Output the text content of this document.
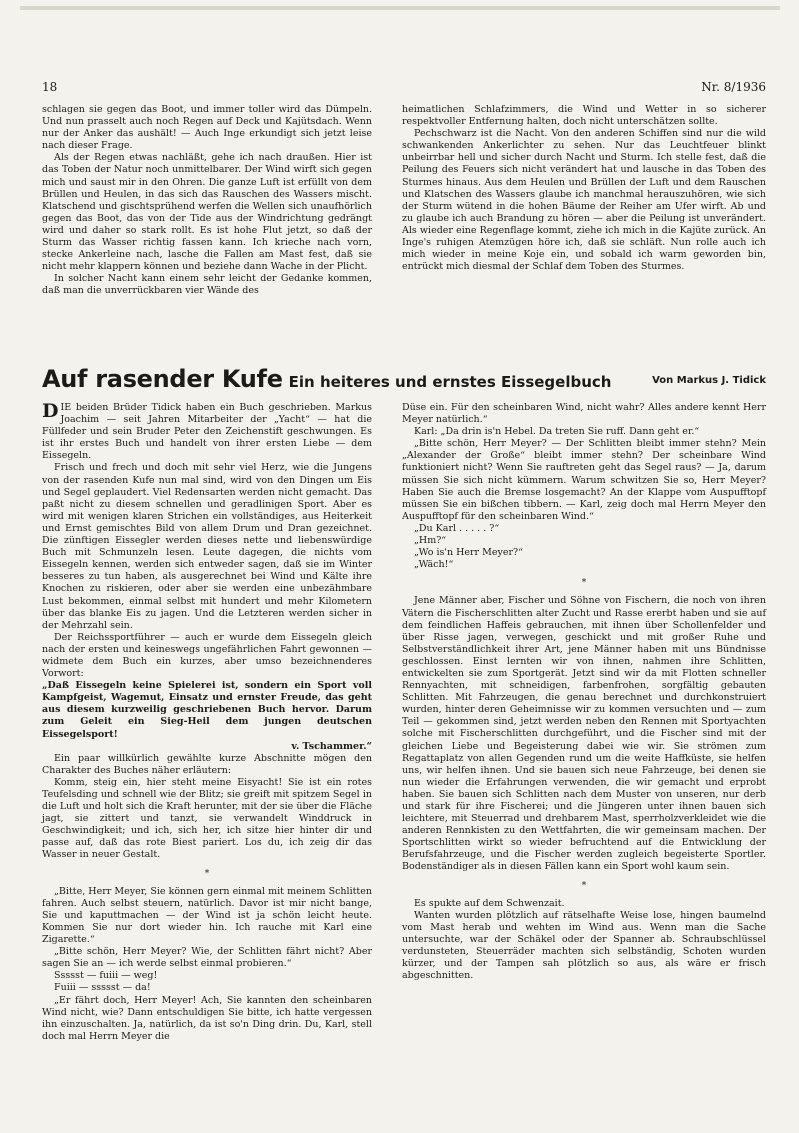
18	Nr. 8/1936

schlagen sie gegen das Boot, und immer toller wird das Dümpeln. Und nun prasselt auch noch Regen auf Deck und Kajütsdach. Wenn nur der Anker das aushält! — Auch Inge erkundigt sich jetzt leise nach dieser Frage.

Als der Regen etwas nachläßt, gehe ich nach draußen. Hier ist das Toben der Natur noch unmittelbarer. Der Wind wirft sich gegen mich und saust mir in den Ohren. Die ganze Luft ist erfüllt von dem Brüllen und Heulen, in das sich das Rauschen des Wassers mischt. Klatschend und gischtsprühend werfen die Wellen sich unaufhörlich gegen das Boot, das von der Tide aus der Windrichtung gedrängt wird und daher so stark rollt. Es ist hohe Flut jetzt, so daß der Sturm das Wasser richtig fassen kann. Ich krieche nach vorn, stecke Ankerleine nach, lasche die Fallen am Mast fest, daß sie nicht mehr klappern können und beziehe dann Wache in der Plicht.

In solcher Nacht kann einem sehr leicht der Gedanke kommen, daß man die unverrückbaren vier Wände des

heimatlichen Schlafzimmers, die Wind und Wetter in so sicherer respektvoller Entfernung halten, doch nicht unterschätzen sollte.

Pechschwarz ist die Nacht. Von den anderen Schiffen sind nur die wild schwankenden Ankerlichter zu sehen. Nur das Leuchtfeuer blinkt unbeirrbar hell und sicher durch Nacht und Sturm. Ich stelle fest, daß die Peilung des Feuers sich nicht verändert hat und lausche in das Toben des Sturmes hinaus. Aus dem Heulen und Brüllen der Luft und dem Rauschen und Klatschen des Wassers glaube ich manchmal herauszuhören, wie sich der Sturm wütend in die hohen Bäume der Reiher am Ufer wirft. Ab und zu glaube ich auch Brandung zu hören — aber die Peilung ist unverändert. Als wieder eine Regenflage kommt, ziehe ich mich in die Kajüte zurück. An Inge's ruhigen Atemzügen höre ich, daß sie schläft. Nun rolle auch ich mich wieder in meine Koje ein, und sobald ich warm geworden bin, entrückt mich diesmal der Schlaf dem Toben des Sturmes.

Auf rasender Kufe Ein heiteres und ernstes Eissegelbuch	Von Markus J. Tidick

DIE beiden Brüder Tidick haben ein Buch geschrieben. Markus Joachim — seit Jahren Mitarbeiter der „Yacht“ — hat die Füllfeder und sein Bruder Peter den Zeichenstift geschwungen. Es ist ihr erstes Buch und handelt von ihrer ersten Liebe — dem Eissegeln.

Frisch und frech und doch mit sehr viel Herz, wie die Jungens von der rasenden Kufe nun mal sind, wird von den Dingen um Eis und Segel geplaudert. Viel Redensarten werden nicht gemacht. Das paßt nicht zu diesem schnellen und geradlinigen Sport. Aber es wird mit wenigen klaren Strichen ein vollständiges, aus Heiterkeit und Ernst gemischtes Bild von allem Drum und Dran gezeichnet. Die zünftigen Eissegler werden dieses nette und liebenswürdige Buch mit Schmunzeln lesen. Leute dagegen, die nichts vom Eissegeln kennen, werden sich entweder sagen, daß sie im Winter besseres zu tun haben, als ausgerechnet bei Wind und Kälte ihre Knochen zu riskieren, oder aber sie werden eine unbezähmbare Lust bekommen, einmal selbst mit hundert und mehr Kilometern über das blanke Eis zu jagen. Und die Letzteren werden sicher in der Mehrzahl sein.

Der Reichssportführer — auch er wurde dem Eissegeln gleich nach der ersten und keineswegs ungefährlichen Fahrt gewonnen — widmete dem Buch ein kurzes, aber umso bezeichnenderes Vorwort:

„Daß Eissegeln keine Spielerei ist, sondern ein Sport voll Kampfgeist, Wagemut, Einsatz und ernster Freude, das geht aus diesem kurzweilig geschriebenen Buch hervor. Darum zum Geleit ein Sieg-Heil dem jungen deutschen Eissegelsport!
v. Tschammer.“

Ein paar willkürlich gewählte kurze Abschnitte mögen den Charakter des Buches näher erläutern:

Komm, steig ein, hier steht meine Eisyacht! Sie ist ein rotes Teufelsding und schnell wie der Blitz; sie greift mit spitzem Segel in die Luft und holt sich die Kraft herunter, mit der sie über die Fläche jagt, sie zittert und tanzt, sie verwandelt Winddruck in Geschwindigkeit; und ich, sich her, ich sitze hier hinter dir und passe auf, daß das rote Biest pariert. Los du, ich zeig dir das Wasser in neuer Gestalt.

*

„Bitte, Herr Meyer, Sie können gern einmal mit meinem Schlitten fahren. Auch selbst steuern, natürlich. Davor ist mir nicht bange, Sie und kaputtmachen — der Wind ist ja schön leicht heute. Kommen Sie nur dort wieder hin. Ich rauche mit Karl eine Zigarette.“

„Bitte schön, Herr Meyer? Wie, der Schlitten fährt nicht? Aber sagen Sie an — ich werde selbst einmal probieren.“

Ssssst — fuiii — weg!

Fuiii — ssssst — da!

„Er fährt doch, Herr Meyer! Ach, Sie kannten den scheinbaren Wind nicht, wie? Dann entschuldigen Sie bitte, ich hatte vergessen ihn einzuschalten. Ja, natürlich, da ist so'n Ding drin. Du, Karl, stell doch mal Herrn Meyer die

Düse ein. Für den scheinbaren Wind, nicht wahr? Alles andere kennt Herr Meyer natürlich.“

Karl: „Da drin is'n Hebel. Da treten Sie ruff. Dann geht er.“

„Bitte schön, Herr Meyer? — Der Schlitten bleibt immer stehn? Mein „Alexander der Große“ bleibt immer stehn? Der scheinbare Wind funktioniert nicht? Wenn Sie rauftreten geht das Segel raus? — Ja, darum müssen Sie sich nicht kümmern. Warum schwitzen Sie so, Herr Meyer? Haben Sie auch die Bremse losgemacht? An der Klappe vom Auspufftopf müssen Sie ein bißchen tibbern. — Karl, zeig doch mal Herrn Meyer den Auspufftopf für den scheinbaren Wind.“

„Du Karl . . . . . ?“

„Hm?“

„Wo is'n Herr Meyer?“

„Wäch!“

*

Jene Männer aber, Fischer und Söhne von Fischern, die noch von ihren Vätern die Fischerschlitten alter Zucht und Rasse ererbt haben und sie auf dem feindlichen Haffeis gebrauchen, mit ihnen über Schollenfelder und über Risse jagen, verwegen, geschickt und mit großer Ruhe und Selbstverständlichkeit ihrer Art, jene Männer haben mit uns Bündnisse geschlossen. Einst lernten wir von ihnen, nahmen ihre Schlitten, entwickelten sie zum Sportgerät. Jetzt sind wir da mit Flotten schneller Rennyachten, mit schneidigen, farbenfrohen, sorgfältig gebauten Schlitten. Mit Fahrzeugen, die genau berechnet und durchkonstruiert wurden, hinter deren Geheimnisse wir zu kommen versuchten und — zum Teil — gekommen sind, jetzt werden neben den Rennen mit Sportyachten solche mit Fischerschlitten durchgeführt, und die Fischer sind mit der gleichen Liebe und Begeisterung dabei wie wir. Sie strömen zum Regattaplatz von allen Gegenden rund um die weite Haffküste, sie helfen uns, wir helfen ihnen. Und sie bauen sich neue Fahrzeuge, bei denen sie nun wieder die Erfahrungen verwenden, die wir gemacht und erprobt haben. Sie bauen sich Schlitten nach dem Muster von unseren, nur derb und stark für ihre Fischerei; und die Jüngeren unter ihnen bauen sich leichtere, mit Steuerrad und drehbarem Mast, sperrholzverkleidet wie die anderen Rennkisten zu den Wettfahrten, die wir gemeinsam machen. Der Sportschlitten wirkt so wieder befruchtend auf die Entwicklung der Berufsfahrzeuge, und die Fischer werden zugleich begeisterte Sportler. Bodenständiger als in diesen Fällen kann ein Sport wohl kaum sein.

*

Es spukte auf dem Schwenzait.

Wanten wurden plötzlich auf rätselhafte Weise lose, hingen baumelnd vom Mast herab und wehten im Wind aus. Wenn man die Sache untersuchte, war der Schäkel oder der Spanner ab. Schraubschlüssel verdunsteten, Steuerräder machten sich selbständig, Schoten wurden kürzer, und der Tampen sah plötzlich so aus, als wäre er frisch abgeschnitten.
